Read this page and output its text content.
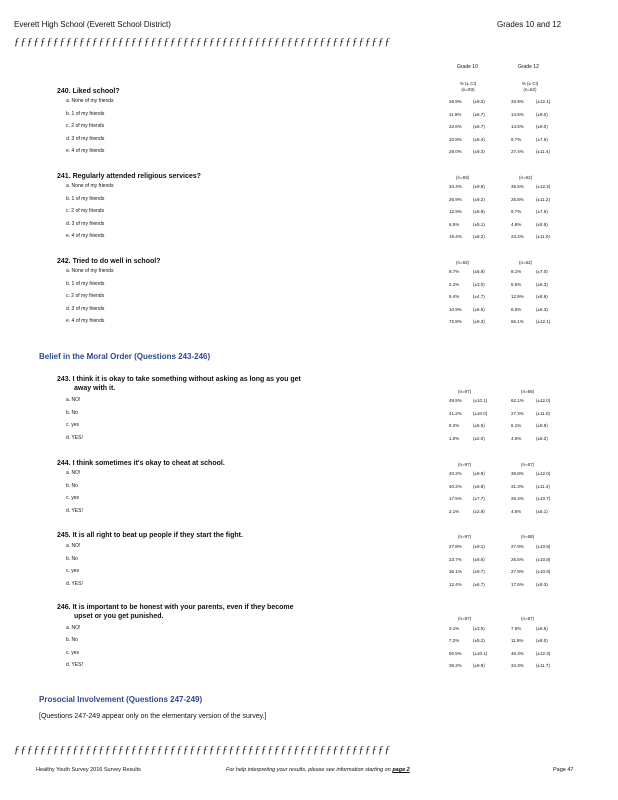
Everett High School (Everett School District)	Grades 10 and 12
ƒƒƒƒƒƒƒƒƒƒƒƒƒƒƒƒƒƒƒƒƒƒƒƒƒƒƒƒƒƒƒƒƒƒƒƒƒƒƒƒƒƒƒƒƒƒƒƒƒƒƒƒƒƒƒƒƒƒ
Grade 10	Grade 12
% (± CI)
(n=93)
% (± CI)
(n=62)
240. Liked school?
a. None of my friends	26.9% (±9.2)	33.9%	(±12.1)
b. 1 of my friends	11.8%	(±6.7)	14.5%	(±9.0)
c. 2 of my friends	22.6% (±8.7)	14.5%	(±9.0)
d. 3 of my friends	10.8% (±6.4)	9.7%	(±7.6)
e. 4 of my friends	28.0% (±9.3)	27.4%	(±11.4)
241. Regularly attended religious services?	(n=93)	(n=62)
a. None of my friends	34.4% (±9.8)	35.5%	(±12.2)
b. 1 of my friends	26.9% (±9.2)	25.8%	(±11.2)
c. 2 of my friends	12.9% (±6.9)	9.7%	(±7.6)
d. 3 of my friends	6.5%	(±5.1)	4.8%	(±5.5)
e. 4 of my friends	19.4% (±8.2)	24.2%	(±11.0)
242. Tried to do well in school?	(n=92)	(n=62)
a. None of my friends	8.7%	(±5.9)	8.1%	(±7.0)
b. 1 of my friends	2.2%	(±3.0)	6.5%	(±6.3)
c. 2 of my friends	5.4%	(±4.7)	12.9%	(±8.6)
d. 3 of my friends	10.9% (±6.5)	6.5%	(±6.3)
e. 4 of my friends	72.8% (±9.3)	66.1%	(±12.1)
Belief in the Moral Order (Questions 243-246)
243. I think it is okay to take something without asking as long as you get
away with it.	(n=97)	(n=66)
a. NO!	49.5% (±10.1)	62.1%	(±12.0)
b. No	41.2% (±10.0)	27.3%	(±11.0)
c. yes	8.2%	(±5.6)	6.1%	(±5.9)
d. YES!	1.0%	(±2.0)	4.5%	(±5.2)
244. I think sometimes it's okay to cheat at school.	(n=97)	(n=67)
a. NO!	40.2% (±9.9)	38.8%	(±12.0)
b. No	40.2% (±9.9)	31.3%	(±11.4)
c. yes	17.5% (±7.7)	25.4%	(±10.7)
d. YES!	2.1%	(±2.9)	4.5%	(±5.1)
245. It is all right to beat up people if they start the fight.	(n=97)	(n=68)
a. NO!	27.8% (±9.1)	27.9%	(±10.9)
b. No	23.7% (±8.6)	26.5%	(±10.8)
c. yes	36.1% (±9.7)	27.9%	(±10.9)
d. YES!	12.4% (±6.7)	17.6%	(±9.3)
246. It is important to be honest with your parents, even if they become
upset or you get punished.	(n=97)	(n=67)
a. NO!	3.1%	(±3.5)	7.5%	(±6.5)
b. No	7.2%	(±5.2)	11.9%	(±8.0)
c. yes	50.5% (±10.1)	46.3%	(±12.3)
d. YES!	39.2% (±9.9)	34.3%	(±11.7)
Prosocial Involvement (Questions 247-249)
[Questions 247-249 appear only on the elementary version of the survey.]
ƒƒƒƒƒƒƒƒƒƒƒƒƒƒƒƒƒƒƒƒƒƒƒƒƒƒƒƒƒƒƒƒƒƒƒƒƒƒƒƒƒƒƒƒƒƒƒƒƒƒƒƒƒƒƒƒƒƒ
Healthy Youth Survey 2016 Survey Results	For help interpreting your results, please see information starting on page 2	Page 47
